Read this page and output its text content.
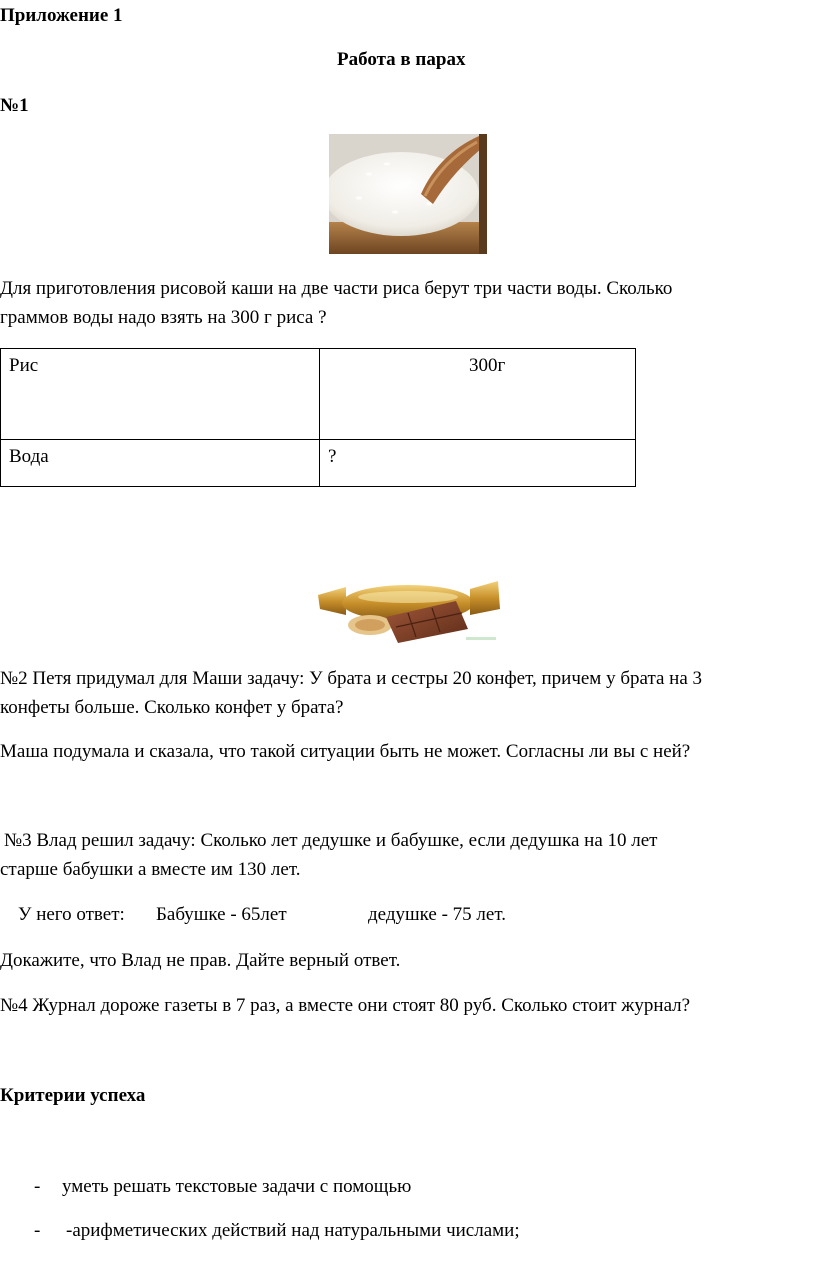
Приложение 1
Работа в парах
№1
Для приготовления рисовой каши на две части риса берут три части воды. Сколько
граммов воды надо взять на 300 г риса ?
Рис	300г
Вода	?
№2 Петя придумал для Маши задачу: У брата и сестры 20 конфет, причем у брата на 3
конфеты больше. Сколько конфет у брата?
Маша подумала и сказала, что такой ситуации быть не может. Согласны ли вы с ней?
№3 Влад решил задачу: Сколько лет дедушке и бабушке, если дедушка на 10 лет
старше бабушки а вместе им 130 лет.
У него ответ: Бабушке - 65лет	дедушке - 75 лет.
Докажите, что Влад не прав. Дайте верный ответ.
№4 Журнал дороже газеты в 7 раз, а вместе они стоят 80 руб. Сколько стоит журнал?
Критерии успеха
- уметь решать текстовые задачи с помощью
- -арифметических действий над натуральными числами;
